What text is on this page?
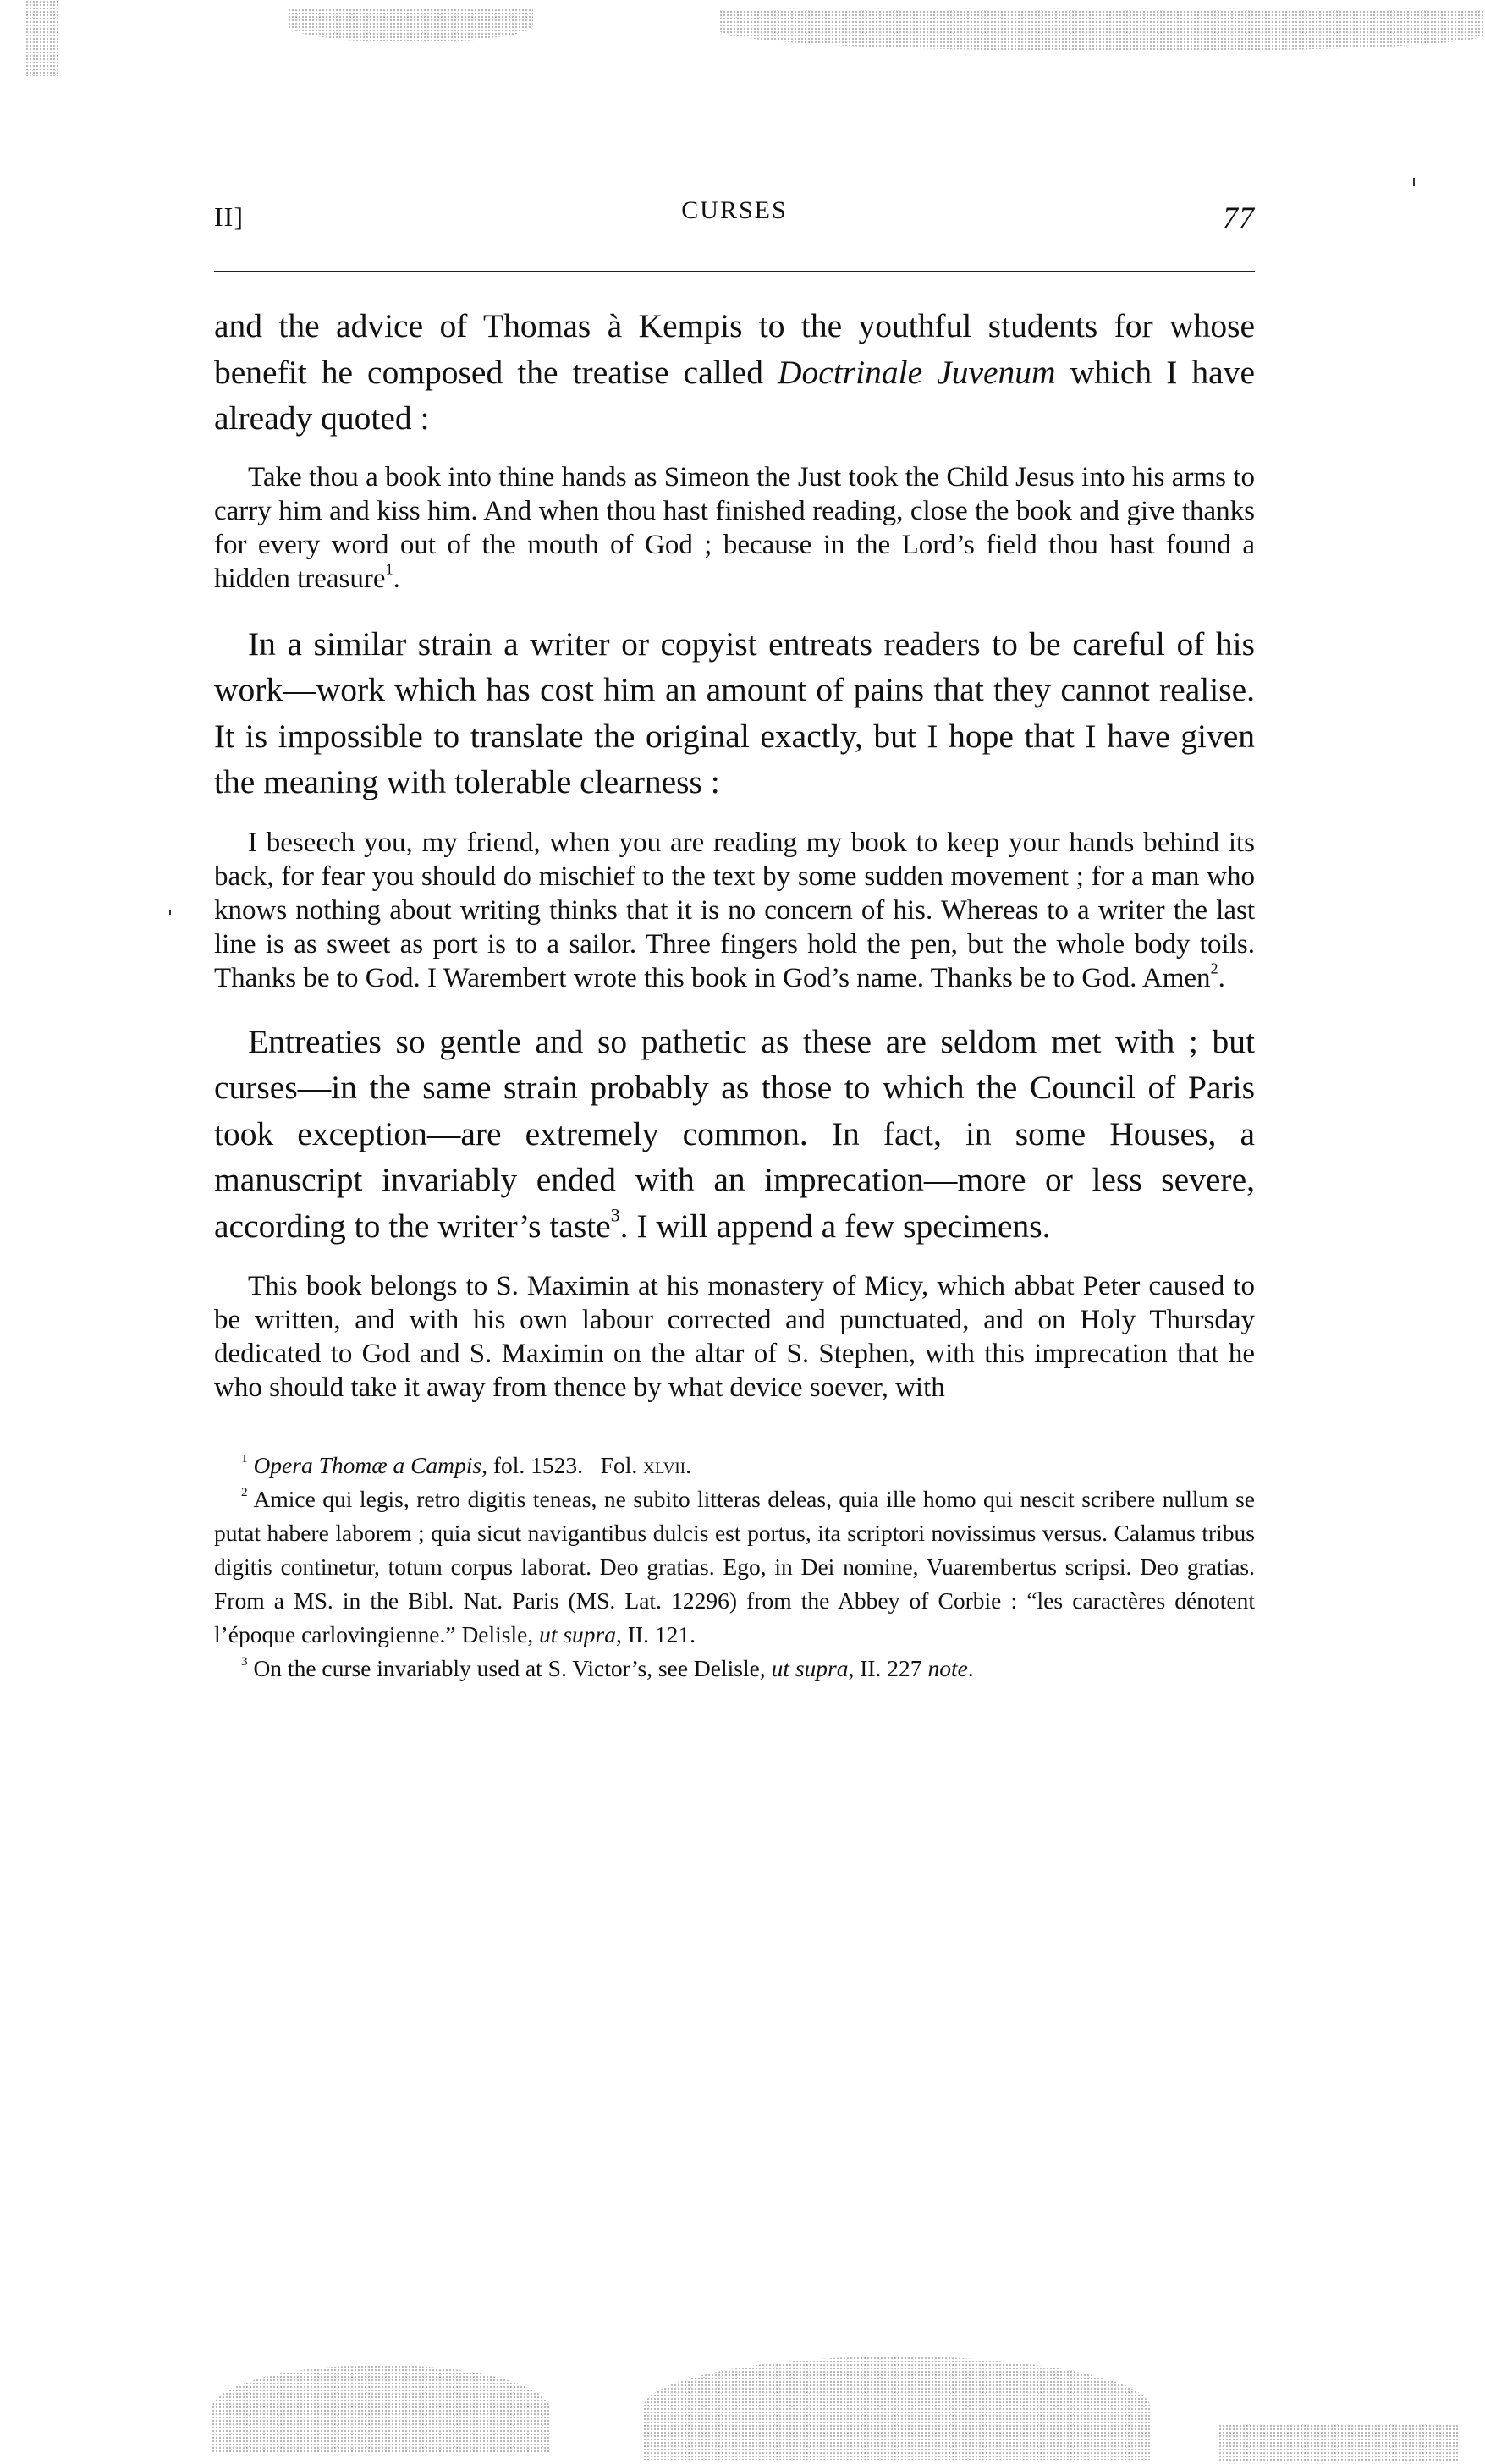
II]	CURSES	77

and the advice of Thomas à Kempis to the youthful students for whose benefit he composed the treatise called Doctrinale Juvenum which I have already quoted :

Take thou a book into thine hands as Simeon the Just took the Child Jesus into his arms to carry him and kiss him. And when thou hast finished reading, close the book and give thanks for every word out of the mouth of God ; because in the Lord’s field thou hast found a hidden treasure$^1$.

In a similar strain a writer or copyist entreats readers to be careful of his work—work which has cost him an amount of pains that they cannot realise. It is impossible to translate the original exactly, but I hope that I have given the meaning with tolerable clearness :

I beseech you, my friend, when you are reading my book to keep your hands behind its back, for fear you should do mischief to the text by some sudden movement ; for a man who knows nothing about writing thinks that it is no concern of his. Whereas to a writer the last line is as sweet as port is to a sailor. Three fingers hold the pen, but the whole body toils. Thanks be to God. I Warembert wrote this book in God’s name. Thanks be to God. Amen$^2$.

Entreaties so gentle and so pathetic as these are seldom met with ; but curses—in the same strain probably as those to which the Council of Paris took exception—are extremely common. In fact, in some Houses, a manuscript invariably ended with an imprecation—more or less severe, according to the writer’s taste$^3$. I will append a few specimens.

This book belongs to S. Maximin at his monastery of Micy, which abbat Peter caused to be written, and with his own labour corrected and punctuated, and on Holy Thursday dedicated to God and S. Maximin on the altar of S. Stephen, with this imprecation that he who should take it away from thence by what device soever, with

$^1$ Opera Thomæ a Campis, fol. 1523.   Fol. xlvii.

$^2$ Amice qui legis, retro digitis teneas, ne subito litteras deleas, quia ille homo qui nescit scribere nullum se putat habere laborem ; quia sicut navigantibus dulcis est portus, ita scriptori novissimus versus. Calamus tribus digitis continetur, totum corpus laborat. Deo gratias. Ego, in Dei nomine, Vuarembertus scripsi. Deo gratias. From a MS. in the Bibl. Nat. Paris (MS. Lat. 12296) from the Abbey of Corbie : “les caractères dénotent l’époque carlovingienne.” Delisle, ut supra, II. 121.

$^3$ On the curse invariably used at S. Victor’s, see Delisle, ut supra, II. 227 note.
